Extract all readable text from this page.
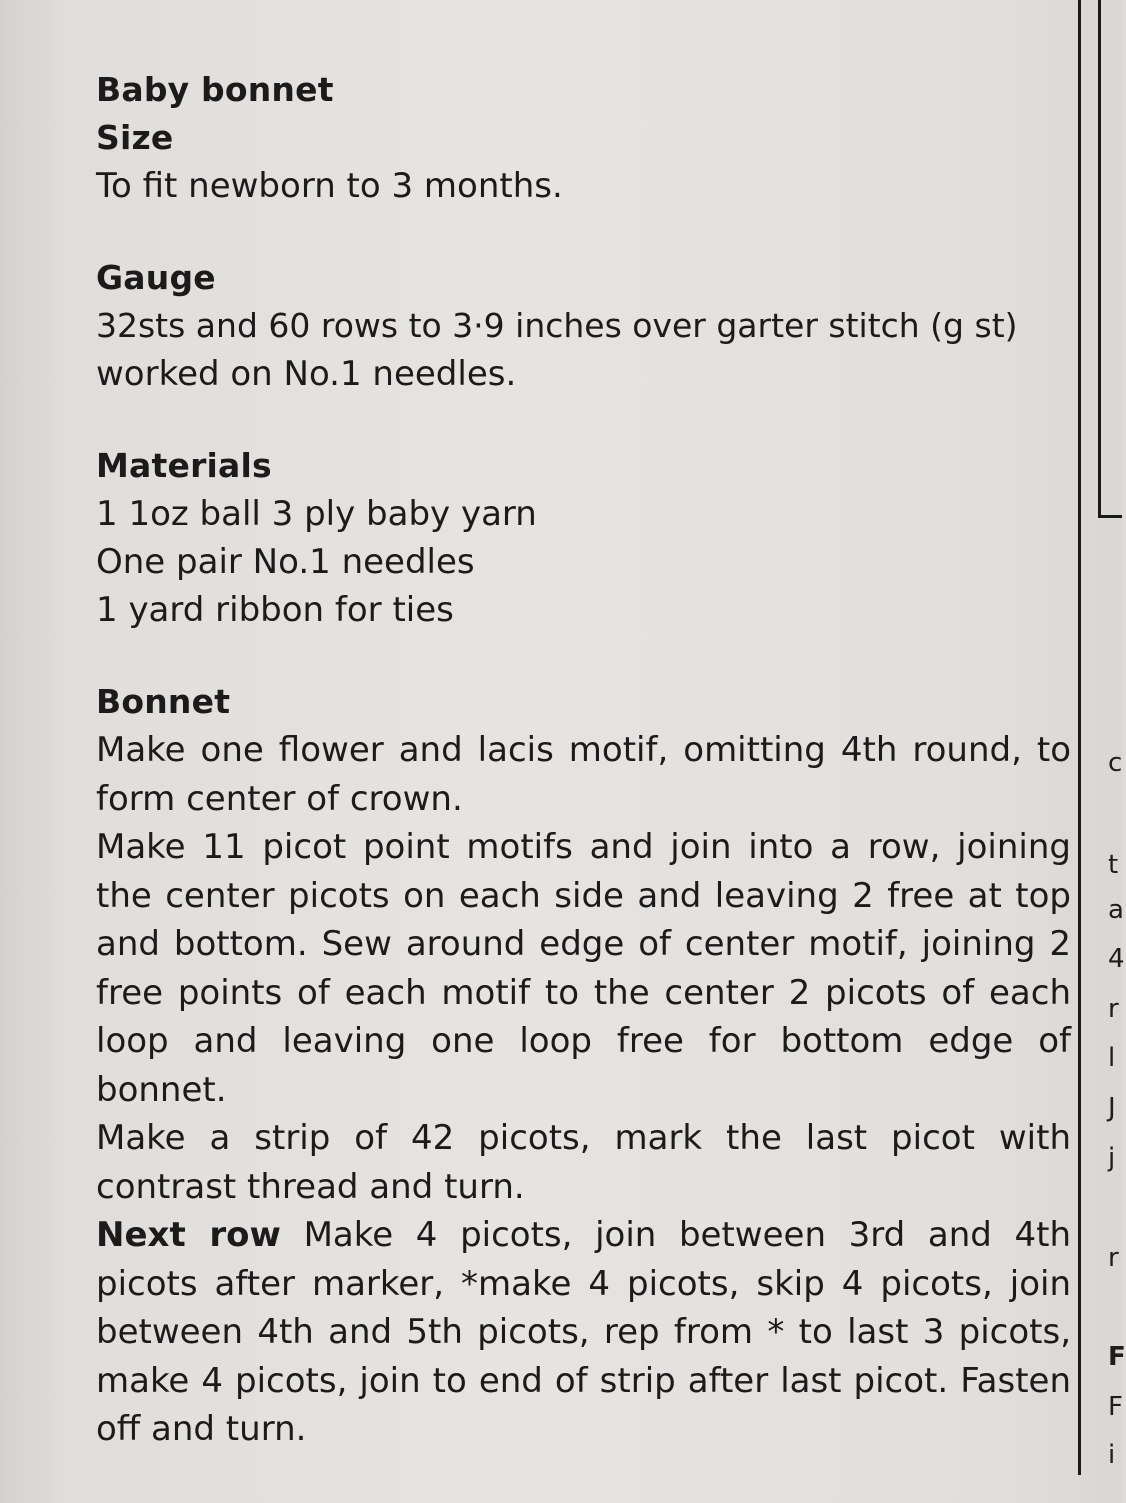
Baby bonnet

Size

To fit newborn to 3 months.

Gauge

32sts and 60 rows to 3·9 inches over garter stitch (g st)

worked on No.1 needles.

Materials

1 1oz ball 3 ply baby yarn

One pair No.1 needles

1 yard ribbon for ties

Bonnet

Make one flower and lacis motif, omitting 4th round, to form center of crown.

Make 11 picot point motifs and join into a row, joining the center picots on each side and leaving 2 free at top and bottom. Sew around edge of center motif, joining 2 free points of each motif to the center 2 picots of each loop and leaving one loop free for bottom edge of bonnet.

Make a strip of 42 picots, mark the last picot with contrast thread and turn.

Next row Make 4 picots, join between 3rd and 4th picots after marker, *make 4 picots, skip 4 picots, join between 4th and 5th picots, rep from * to last 3 picots, make 4 picots, join to end of strip after last picot. Fasten off and turn.

c
t
a
4
r
l
J
j
r
F
F
i
